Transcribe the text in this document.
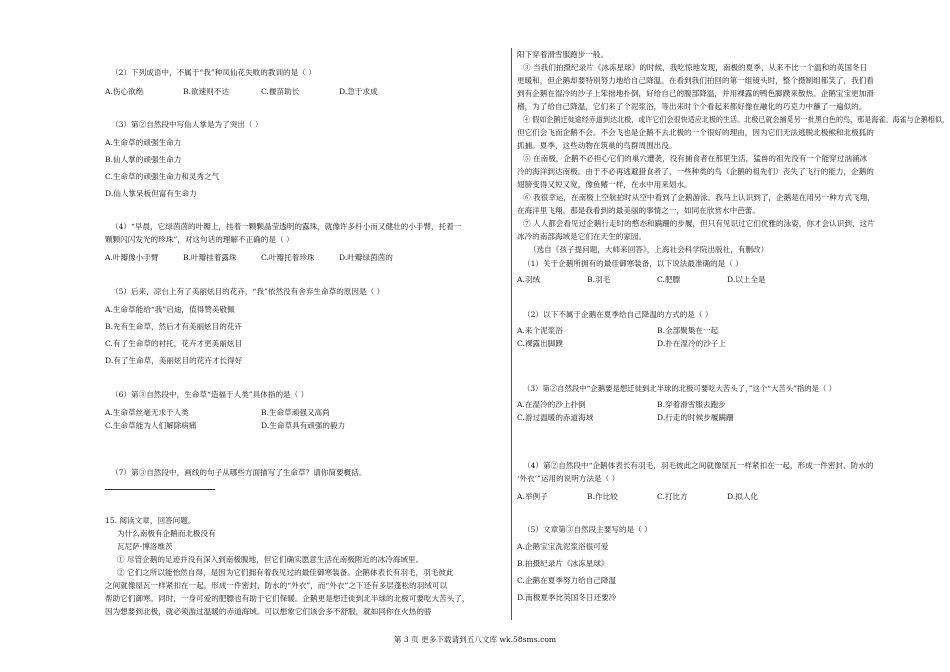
（2）下列成语中，不属于“我”种凤仙花失败的教训的是（ ）
A.伤心欲绝	B.欲速则不达	C.揠苗助长	D.急于求成
（3）第②自然段中写仙人掌是为了突出（ ）
A.生命草的顽强生命力
B.仙人掌的顽强生命力
C.生命草的顽强生命力和灵秀之气
D.仙人掌呆板但富有生命力
（4）“早晨，它绿茵茵的叶瓣上，挂着一颗颗晶莹透明的露珠，就像许多纤小而又健壮的小手臂，托着一
颗颗闪闪发光的珍珠”，对这句话的理解不正确的是（ ）
A.叶瓣像小手臂	B.叶瓣挂着露珠	C.叶瓣托着珍珠	D.叶瓣绿茵茵的
（5）后来，凉台上有了美丽炫目的花卉，“我”依然没有舍弃生命草的原因是（ ）
A.生命草能给“我”启迪，值得赞美敬佩
B.先有生命草，然后才有美丽炫目的花卉
C.有了生命草的衬托，花卉才更美丽炫目
D.有了生命草，美丽炫目的花卉才长得好
（6）第③自然段中，生命草“造福于人类”具体指的是（ ）
A.生命草丝毫无求于人类	B.生命草顽强又高尚
C.生命草能为人们解除病痛	D.生命草具有顽强的毅力
（7）第③自然段中，画线的句子从哪些方面描写了生命草？请你简要概括。
15. 阅读文章，回答问题。
为什么南极有企鹅而北极没有
瓦尼萨·博洛维茨
① 尽管企鹅的足迹并没有深入到南极腹地，但它们确实愿意生活在南极附近的冰冷海域里。
② 它们之所以能怡然自得，是因为它们拥有着我见过的最佳御寒装备。企鹅体表长有羽毛，羽毛彼此
之间就像屋瓦一样紧扣在一起，形成一件密封、防水的“外衣”，而“外衣”之下还有多层蓬松的羽绒可以
帮助它们御寒。同时，一身可爱的肥膘也有助于它们保暖。企鹅更是想迁徙到北半球的北极可要吃大苦头了，
因为想要到北极，就必须游过温暖的赤道海域。可以想象它们该会多不舒服，就如同你在火热的骄
阳下穿着滑雪服跑步一般。
③ 当我们拍摄纪录片《冰冻星球》的时候，我吃惊地发现，南极的夏季，从来不比一个温和的英国冬日
更暖和，但企鹅却要特别努力地给自己降温。在看到我们拍回的第一组镜头时，整个摄制组都笑了，我们看
到有企鹅在湿冷的沙子上笨拙地扑倒，好给自己的腹部降温，并用裸露的鸭色脚蹼来散热。企鹅宝宝更加滑
稽，为了给自己降温，它们来了个泥浆浴，等出来时个个看起来都好像在融化的巧克力中蘸了一遍似的。
④ 假如企鹅迁徙途经赤道到达北极，或许它们会很快适应北极的生活。北极已就会捕觅另一批黑白色的鸟，那是海雀。海雀与企鹅相似，
但它们会飞而企鹅不会。不会飞也是企鹅不去北极的一个很好的理由，因为它们无法逃脱北极熊和北极狐的
抓捕。夏季，这些动物在筑巢的鸟群周围出没。
⑤ 在南极，企鹅不必担心它们的巢穴遭袭，没有捕食者在那里生活，猛兽的祖先没有一个能穿过汹涌冰
冷的海洋到达南极。由于不必再逃避猎食者了，一些种类的鸟（企鹅的祖先们）丧失了飞行的能力，企鹅的
翅膀变得又短又宽，像鱼鳍一样，在水中用来划水。
⑥ 我很幸运，在南极上空航拍时从空中看到了企鹅游泳。我马上认识到了，企鹅是在用另一种方式飞翔，
在海洋里飞翔。那是我看到的最美丽的事情之一，如同在欣赏水中芭蕾。
⑦ 人人都会看见过企鹅行走时的憨态和蹒跚的步履，但只有见识过它们优雅的泳姿，你才会认识到，这片
冰冷的南部海域是它们在天生的家园。
（选自《孩子提问题，大师来回答》，上海社会科学院出版社，有删改）
（1）关于企鹅所拥有的最佳御寒装备，以下说法最准确的是（ ）
A.羽绒	B.羽毛	C.肥膘	D.以上全是
（2）以下不属于企鹅在夏季给自己降温的方式的是（ ）
A.来个泥浆浴	B.全部聚集在一起
C.裸露出脚蹼	D.扑在湿冷的沙子上
（3）第②自然段中“企鹅要是想迁徙到北半球的北极可要吃大苦头了，”这个“大苦头”指的是（ ）
A.在湿冷的沙上扑倒	B.穿着滑雪服去跑步
C.游过温暖的赤道海域	D.行走的时候步履蹒跚
（4）第②自然段中“企鹅体表长有羽毛，羽毛彼此之间就像屋瓦一样紧扣在一起，形成一件密封、防水的
‘外衣’”运用的说明方法是（ ）
A.举例子	B.作比较	C.打比方	D.拟人化
（5）文章第③自然段主要写的是（ ）
A.企鹅宝宝洗泥浆浴很可爱
B.拍摄纪录片《冰冻星球》
C.企鹅在夏季努力给自己降温
D.南极夏季比英国冬日还要冷
第 3 页 更多下载请到五八文库 wk.58sms.com
